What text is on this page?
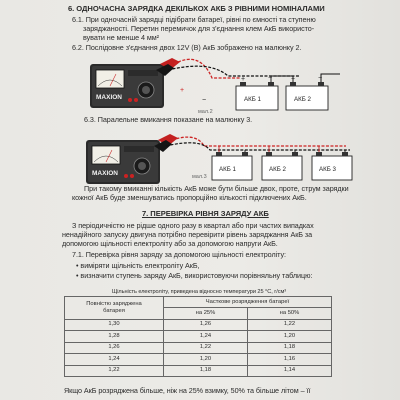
6. ОДНОЧАСНА ЗАРЯДКА ДЕКІЛЬКОХ АКБ З РІВНИМИ НОМІНАЛАМИ
6.1. При одночасній зарядці підібрати батареї, рівні по ємності та ступеню
заряджаності. Перетин перемичок для з'єднання клем АкБ використо-
вувати не менше 4 мм²
6.2. Послідовне з'єднання двох 12V (В) АкБ зображено на малюнку 2.
MAXION
+	−	+	−
АКБ 1	АКБ 2
мал.2
+
−
MAXION
АКБ 1	АКБ 2	АКБ 3
мал.3
6.3. Паралельне вмикання показане на малюнку 3.
При такому вмиканні кількість АкБ може бути більше двох, проте, струм зарядки
кожної АкБ буде зменшуватись пропорційно кількості підключених АкБ.
7. ПЕРЕВІРКА РІВНЯ ЗАРЯДУ АКБ
З періодичністю не рідше одного разу в квартал або при частих випадках
ненадійного запуску двигуна потрібно перевірити рівень заряджання АкБ за
допомогою щільності електроліту або за допомогою напруги АкБ.
7.1. Перевірка рівня заряду за допомогою щільності електроліту:
• виміряти щільність електроліту АкБ,
• визначити ступень заряду АкБ, використовуючи порівняльну таблицю:
Щільність електроліту, приведена відносно температури 25 °С, г/см³
Повністю заряджена
батарея	Часткове розрядження батареї	
	на 25%	на 50%
1,30	1,26	1,22
1,28	1,24	1,20
1,26	1,22	1,18
1,24	1,20	1,16
1,22	1,18	1,14
Якщо АкБ розряджена більше, ніж на 25% взимку, 50% та більше літом – її
